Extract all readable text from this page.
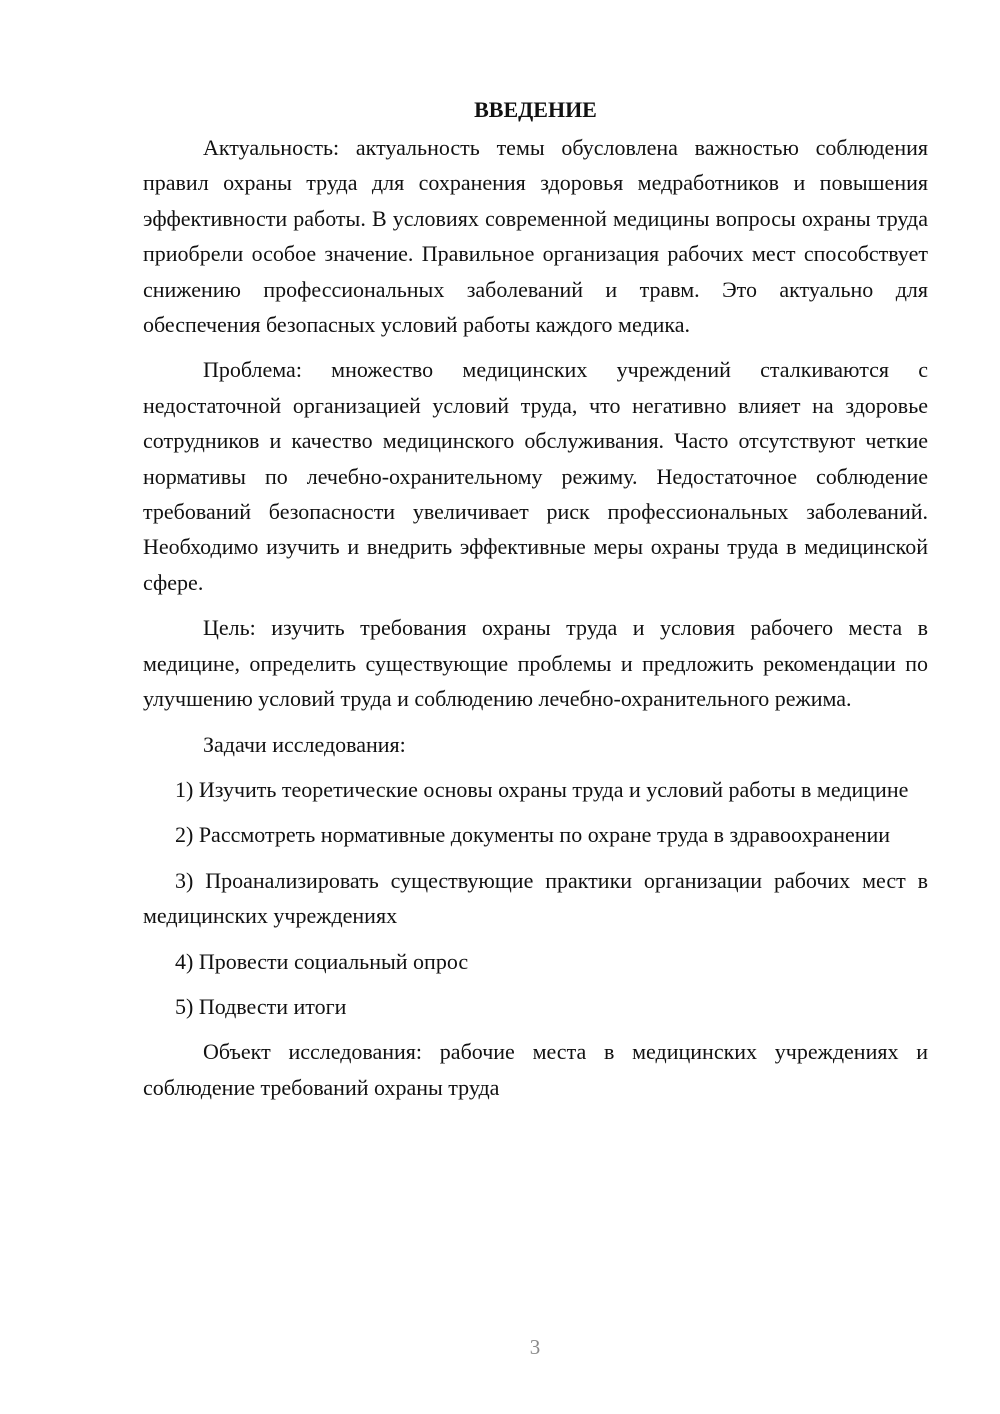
ВВЕДЕНИЕ

Актуальность: актуальность темы обусловлена важностью соблюдения правил охраны труда для сохранения здоровья медработников и повышения эффективности работы. В условиях современной медицины вопросы охраны труда приобрели особое значение. Правильное организация рабочих мест способствует снижению профессиональных заболеваний и травм. Это актуально для обеспечения безопасных условий работы каждого медика.

Проблема: множество медицинских учреждений сталкиваются с недостаточной организацией условий труда, что негативно влияет на здоровье сотрудников и качество медицинского обслуживания. Часто отсутствуют четкие нормативы по лечебно-охранительному режиму. Недостаточное соблюдение требований безопасности увеличивает риск профессиональных заболеваний. Необходимо изучить и внедрить эффективные меры охраны труда в медицинской сфере.

Цель: изучить требования охраны труда и условия рабочего места в медицине, определить существующие проблемы и предложить рекомендации по улучшению условий труда и соблюдению лечебно-охранительного режима.

Задачи исследования:

1) Изучить теоретические основы охраны труда и условий работы в медицине

2) Рассмотреть нормативные документы по охране труда в здравоохранении

3) Проанализировать существующие практики организации рабочих мест в медицинских учреждениях

4) Провести социальный опрос

5) Подвести итоги

Объект исследования: рабочие места в медицинских учреждениях и соблюдение требований охраны труда

3
